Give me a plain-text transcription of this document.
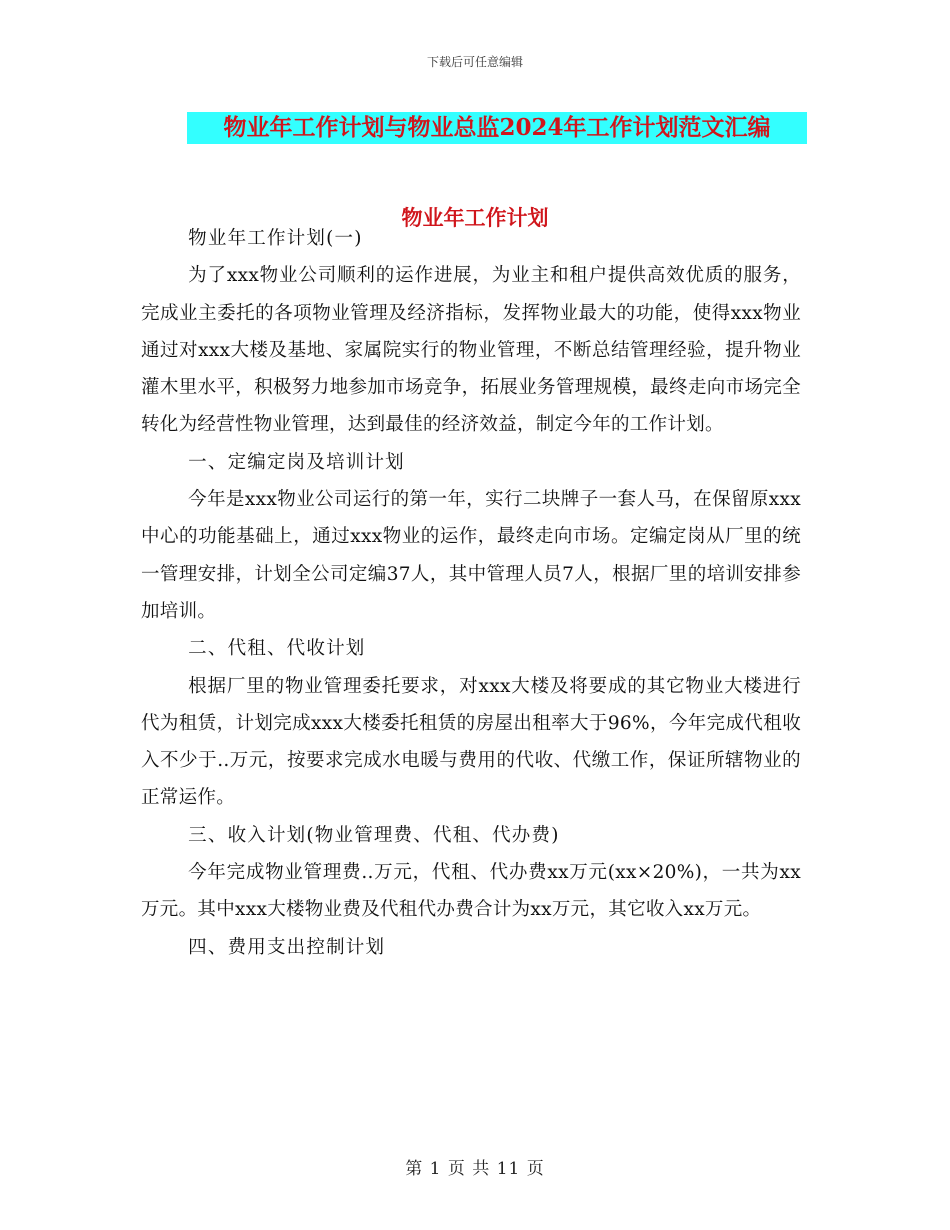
下载后可任意编辑
物业年工作计划与物业总监2024年工作计划范文汇编
物业年工作计划

物业年工作计划(一)

为了xxx物业公司顺利的运作进展，为业主和租户提供高效优质的服务，完成业主委托的各项物业管理及经济指标，发挥物业最大的功能，使得xxx物业通过对xxx大楼及基地、家属院实行的物业管理，不断总结管理经验，提升物业灌木里水平，积极努力地参加市场竞争，拓展业务管理规模，最终走向市场完全转化为经营性物业管理，达到最佳的经济效益，制定今年的工作计划。

一、定编定岗及培训计划

今年是xxx物业公司运行的第一年，实行二块牌子一套人马，在保留原xxx中心的功能基础上，通过xxx物业的运作，最终走向市场。定编定岗从厂里的统一管理安排，计划全公司定编37人，其中管理人员7人，根据厂里的培训安排参加培训。

二、代租、代收计划

根据厂里的物业管理委托要求，对xxx大楼及将要成的其它物业大楼进行代为租赁，计划完成xxx大楼委托租赁的房屋出租率大于96%，今年完成代租收入不少于..万元，按要求完成水电暖与费用的代收、代缴工作，保证所辖物业的正常运作。

三、收入计划(物业管理费、代租、代办费)

今年完成物业管理费..万元，代租、代办费xx万元(xx×20%)，一共为xx万元。其中xxx大楼物业费及代租代办费合计为xx万元，其它收入xx万元。

四、费用支出控制计划

第 1 页 共 11 页
